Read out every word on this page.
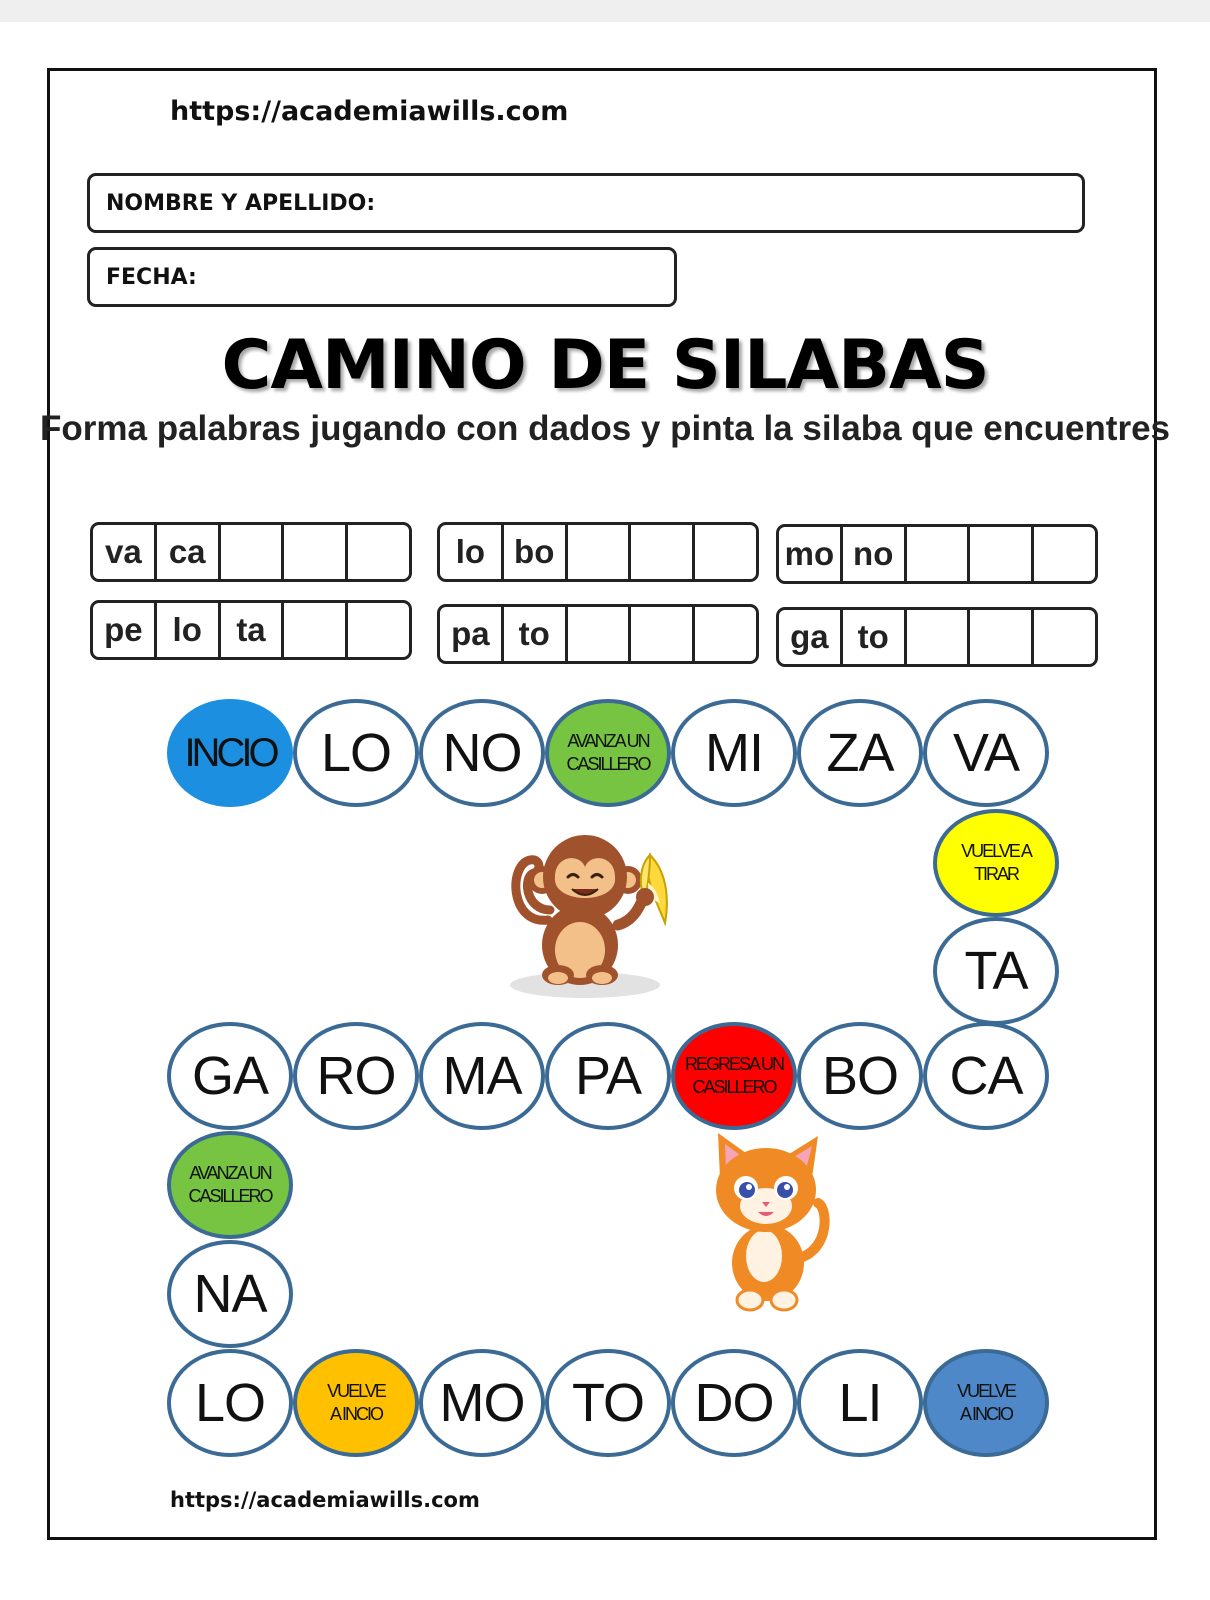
https://academiawills.com
NOMBRE Y APELLIDO:
FECHA:
CAMINO DE SILABAS
Forma palabras jugando con dados y pinta la silaba que encuentres
va ca	lo bo	mo no
pe lo	ta	pa to	ga to
INCIO LO NO	AVANZA UN
CASILLERO MI ZA VA
VUELVE A
TIRAR
TA
GA RO MA PA REGRESA UN
CASILLERO BO CA
AVANZA UN
CASILLERO
NA
LO	VUELVE
A INCIO MO TO DO LI	VUELVE
A INCIO
https://academiawills.com
